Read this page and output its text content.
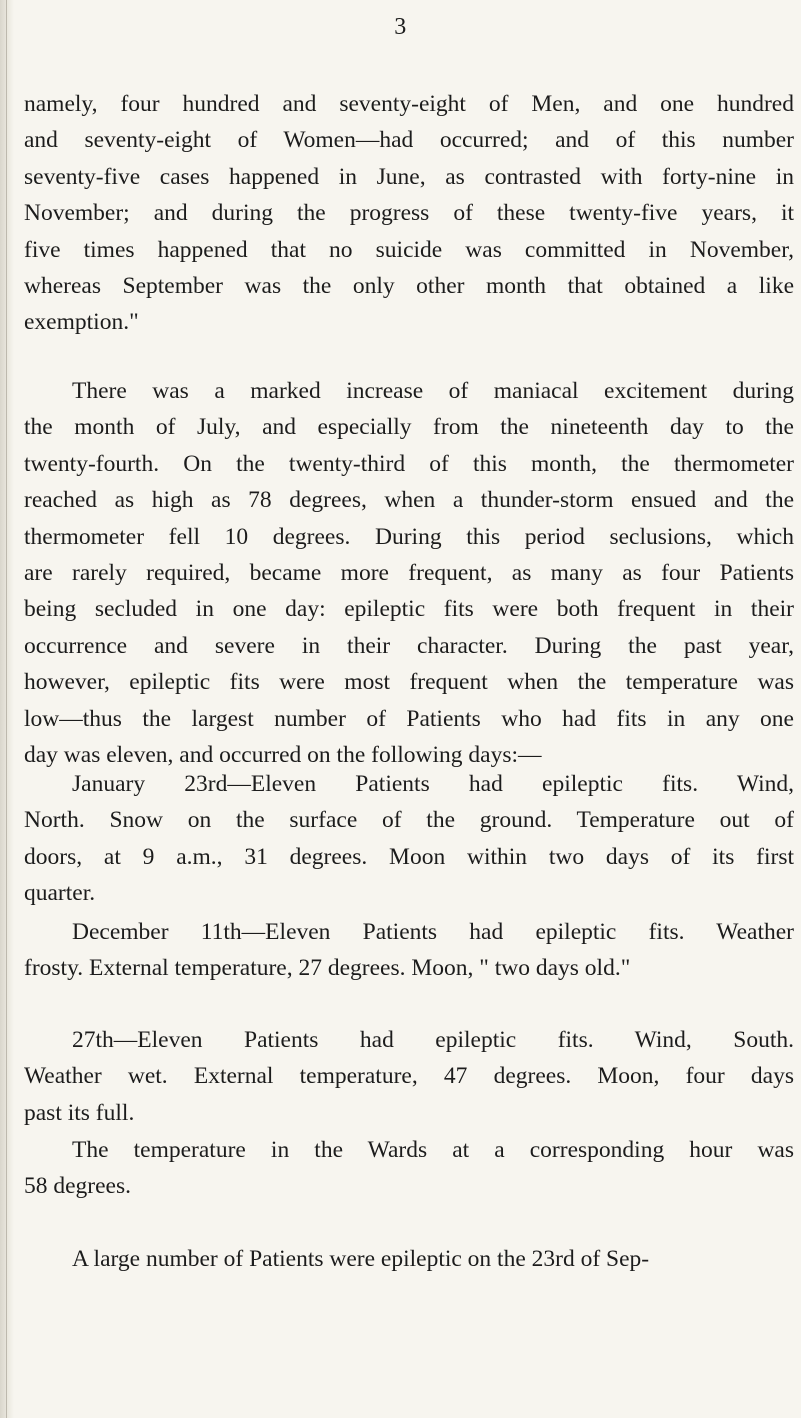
3
namely, four hundred and seventy-eight of Men, and one hundred
and seventy-eight of Women—had occurred; and of this number
seventy-five cases happened in June, as contrasted with forty-nine in
November; and during the progress of these twenty-five years, it
five times happened that no suicide was committed in November,
whereas September was the only other month that obtained a like
exemption."
There was a marked increase of maniacal excitement during
the month of July, and especially from the nineteenth day to the
twenty-fourth. On the twenty-third of this month, the thermometer
reached as high as 78 degrees, when a thunder-storm ensued and the
thermometer fell 10 degrees. During this period seclusions, which
are rarely required, became more frequent, as many as four Patients
being secluded in one day: epileptic fits were both frequent in their
occurrence and severe in their character. During the past year,
however, epileptic fits were most frequent when the temperature was
low—thus the largest number of Patients who had fits in any one
day was eleven, and occurred on the following days:—
January 23rd—Eleven Patients had epileptic fits. Wind,
North. Snow on the surface of the ground. Temperature out of
doors, at 9 a.m., 31 degrees. Moon within two days of its first
quarter.
December 11th—Eleven Patients had epileptic fits. Weather
frosty. External temperature, 27 degrees. Moon, " two days old."
27th—Eleven Patients had epileptic fits. Wind, South.
Weather wet. External temperature, 47 degrees. Moon, four days
past its full.
The temperature in the Wards at a corresponding hour was
58 degrees.
A large number of Patients were epileptic on the 23rd of Sep-
